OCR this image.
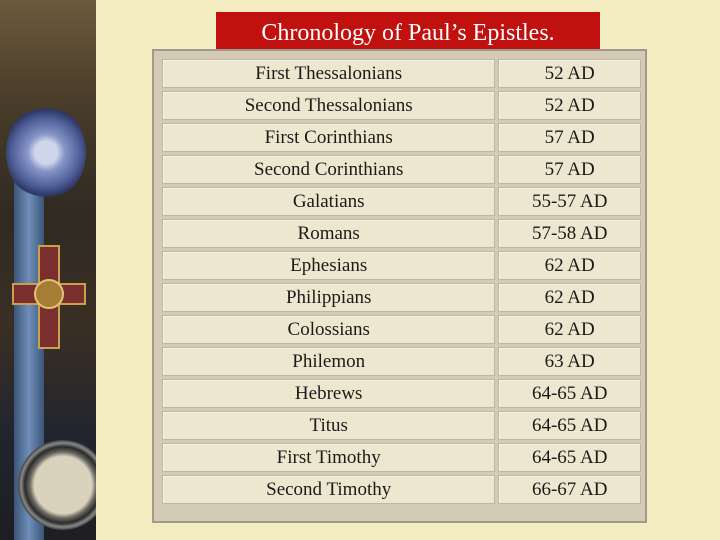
Chronology of Paul’s Epistles.
First Thessalonians	52 AD
Second Thessalonians	52 AD
First Corinthians	57 AD
Second Corinthians	57 AD
Galatians	55-57 AD
Romans	57-58 AD
Ephesians	62 AD
Philippians	62 AD
Colossians	62 AD
Philemon	63 AD
Hebrews	64-65 AD
Titus	64-65 AD
First Timothy	64-65 AD
Second Timothy	66-67 AD
